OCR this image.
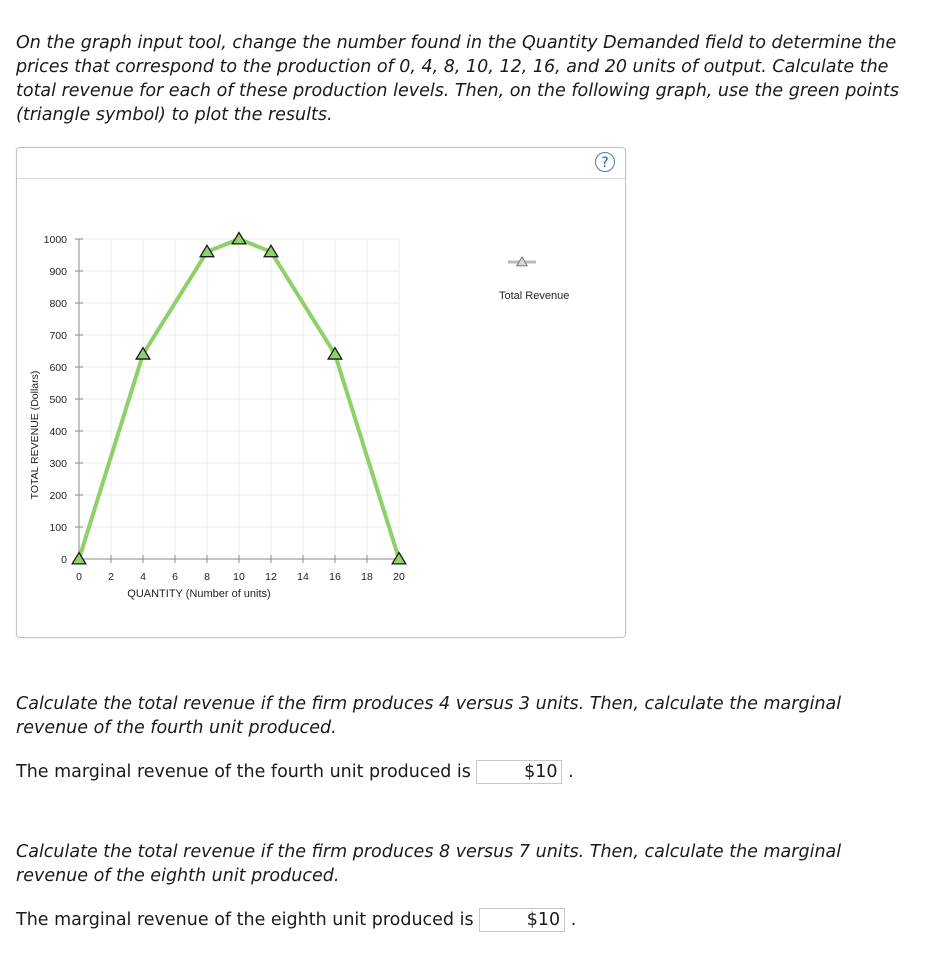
On the graph input tool, change the number found in the Quantity Demanded field to determine the prices that correspond to the production of 0, 4, 8, 10, 12, 16, and 20 units of output. Calculate the total revenue for each of these production levels. Then, on the following graph, use the green points (triangle symbol) to plot the results.
?
0
100
200
300
400
500
600
700
800
900
1000
0 2 4 6 8 10 12 14 16 18 20
Total Revenue
QUANTITY (Number of units)
TOTAL REVENUE (Dollars)
Calculate the total revenue if the firm produces 4 versus 3 units. Then, calculate the marginal revenue of the fourth unit produced.
The marginal revenue of the fourth unit produced is	$10 .
Calculate the total revenue if the firm produces 8 versus 7 units. Then, calculate the marginal revenue of the eighth unit produced.
The marginal revenue of the eighth unit produced is	$10 .
